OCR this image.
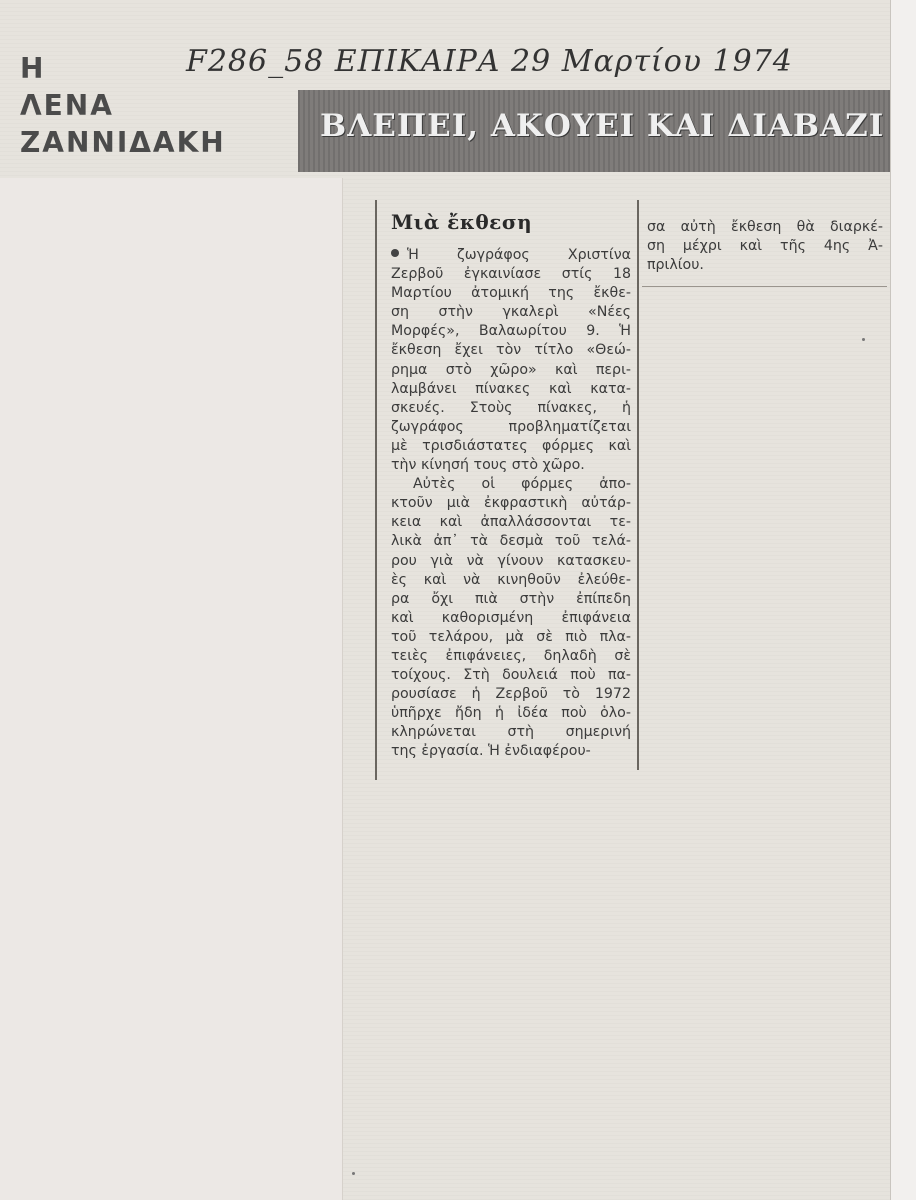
Η
ΛΕΝΑ
ΖΑΝΝΙΔΑΚΗ
F286_58 ΕΠΙΚΑΙΡΑ 29 Μαρτίου 1974
ΒΛΕΠΕΙ, ΑΚΟΥΕΙ ΚΑΙ ΔΙΑΒΑΖΙ
Μιὰ ἔκθεση
Ἡ ζωγράφος Χριστίνα
Ζερβοῦ ἐγκαινίασε στίς 18
Μαρτίου ἀτομική της ἔκθε-
ση στὴν γκαλερὶ «Νέες
Μορφές», Βαλαωρίτου 9. Ἡ
ἔκθεση ἔχει τὸν τίτλο «Θεώ-
ρημα στὸ χῶρο» καὶ περι-
λαμβάνει πίνακες καὶ κατα-
σκευές. Στοὺς πίνακες, ἡ
ζωγράφος προβληματίζεται
μὲ τρισδιάστατες φόρμες καὶ
τὴν κίνησή τους στὸ χῶρο.
Αὐτὲς οἱ φόρμες ἀπο-
κτοῦν μιὰ ἐκφραστικὴ αὐτάρ-
κεια καὶ ἀπαλλάσσονται τε-
λικὰ ἀπ᾽ τὰ δεσμὰ τοῦ τελά-
ρου γιὰ νὰ γίνουν κατασκευ-
ὲς καὶ νὰ κινηθοῦν ἐλεύθε-
ρα ὄχι πιὰ στὴν ἐπίπεδη
καὶ καθορισμένη ἐπιφάνεια
τοῦ τελάρου, μὰ σὲ πιὸ πλα-
τειὲς ἐπιφάνειες, δηλαδὴ σὲ
τοίχους. Στὴ δουλειά ποὺ πα-
ρουσίασε ἡ Ζερβοῦ τὸ 1972
ὑπῆρχε ἤδη ἡ ἰδέα ποὺ ὁλο-
κληρώνεται στὴ σημερινή
της ἐργασία. Ἡ ἐνδιαφέρου-
σα αὐτὴ ἔκθεση θὰ διαρκέ-
ση μέχρι καὶ τῆς 4ης Ἀ-
πριλίου.
